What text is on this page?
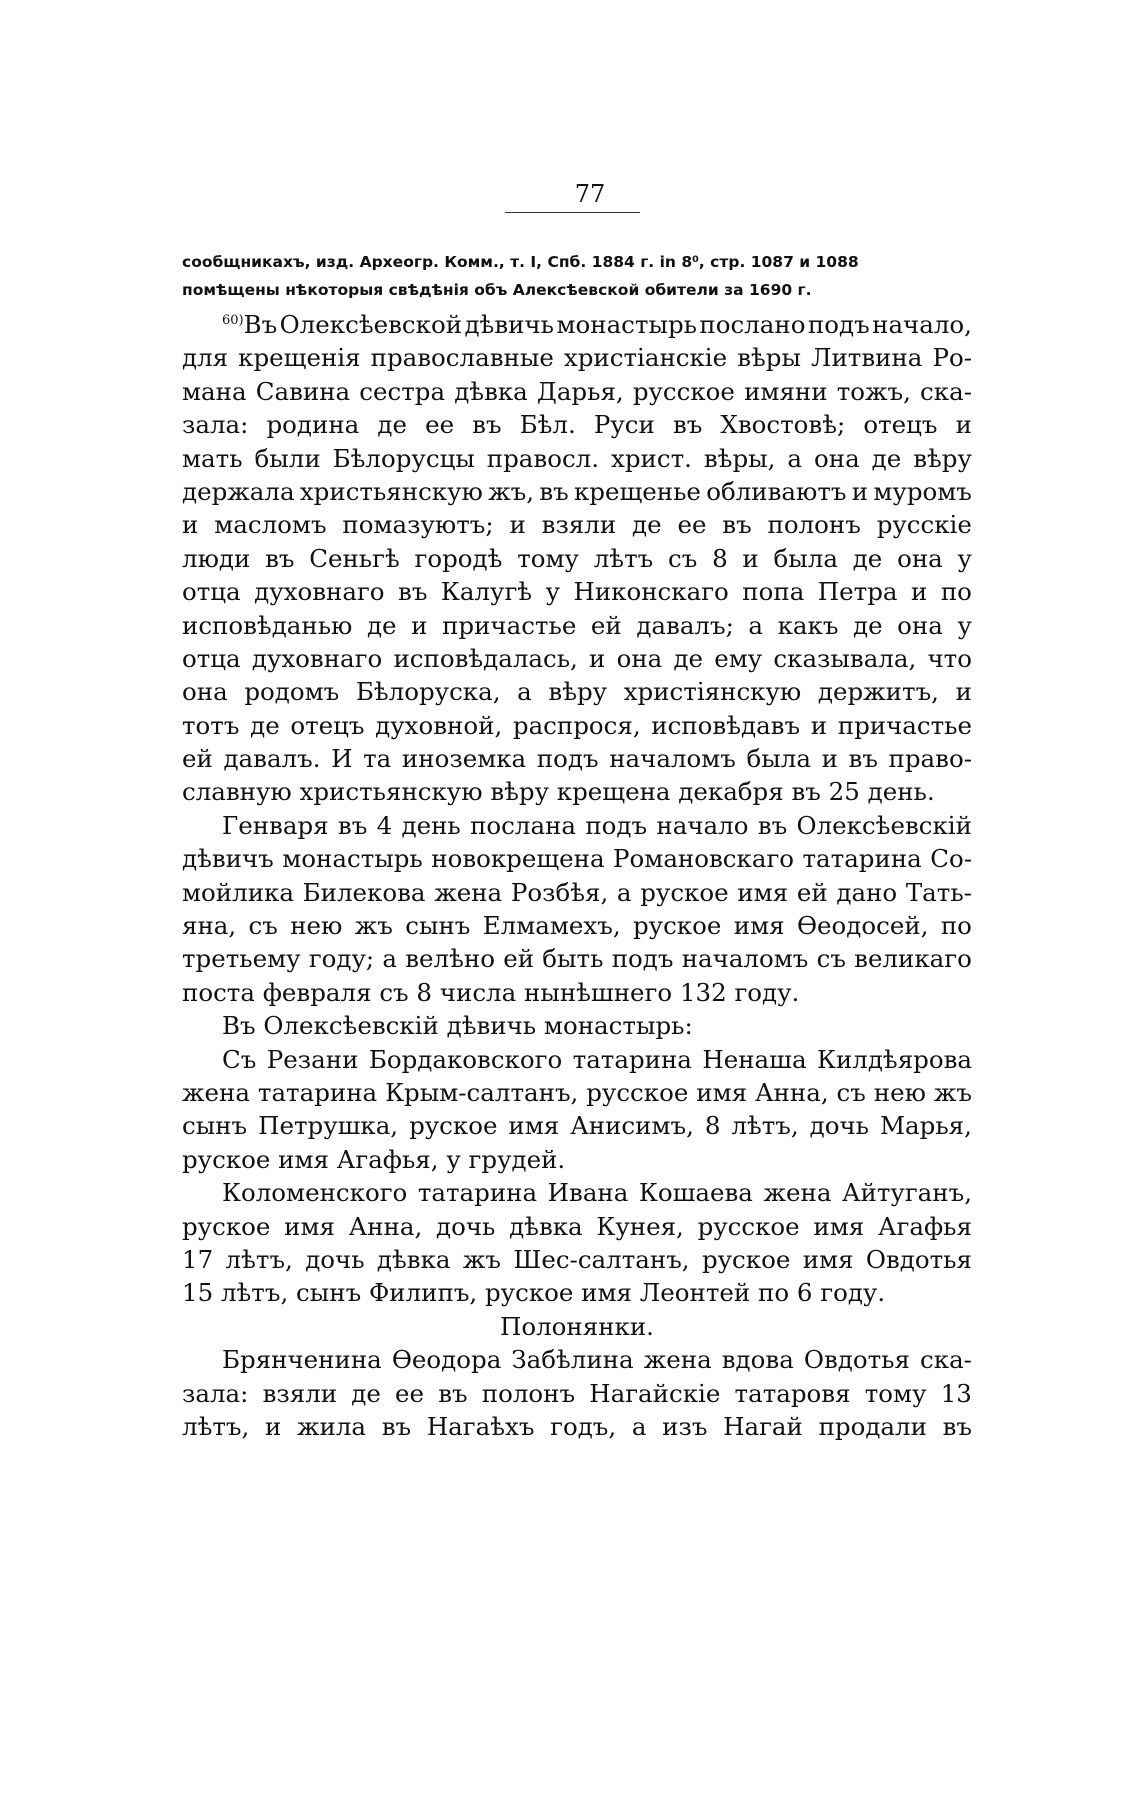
77
сообщникахъ, изд. Археогр. Комм., т. I, Спб. 1884 г. in 8⁰, стр. 1087 и 1088
помѣщены нѣкоторыя свѣдѣнія объ Алексѣевской обители за 1690 г.
$^{60)}$Въ Олексѣевской дѣвичь монастырь послано подъ начало,
для крещенія православные христіанскіе вѣры Литвина Ро-
мана Савина сестра дѣвка Дарья, русское имяни тожъ, ска-
зала: родина де ее въ Бѣл. Руси въ Хвостовѣ; отецъ и
мать были Бѣлорусцы правосл. христ. вѣры, а она де вѣру
держала христьянскую жъ, въ крещенье обливаютъ и муромъ
и масломъ помазуютъ; и взяли де ее въ полонъ русскіе
люди въ Сеньгѣ городѣ тому лѣтъ съ 8 и была де она у
отца духовнаго въ Калугѣ у Никонскаго попа Петра и по
исповѣданью де и причастье ей давалъ; а какъ де она у
отца духовнаго исповѣдалась, и она де ему сказывала, что
она родомъ Бѣлоруска, а вѣру христіянскую держитъ, и
тотъ де отецъ духовной, распрося, исповѣдавъ и причастье
ей давалъ. И та иноземка подъ началомъ была и въ право-
славную христьянскую вѣру крещена декабря въ 25 день.
Генваря въ 4 день послана подъ начало въ Олексѣевскій
дѣвичъ монастырь новокрещена Романовскаго татарина Со-
мойлика Билекова жена Розбѣя, а руское имя ей дано Тать-
яна, съ нею жъ сынъ Елмамехъ, руское имя Ѳеодосей, по
третьему году; а велѣно ей быть подъ началомъ съ великаго
поста февраля съ 8 числа нынѣшнего 132 году.
Въ Олексѣевскій дѣвичь монастырь:
Съ Резани Бордаковского татарина Ненаша Килдѣярова
жена татарина Крым-салтанъ, русское имя Анна, съ нею жъ
сынъ Петрушка, руское имя Анисимъ, 8 лѣтъ, дочь Марья,
руское имя Агафья, у грудей.
Коломенского татарина Ивана Кошаева жена Айтуганъ,
руское имя Анна, дочь дѣвка Кунея, русское имя Агафья
17 лѣтъ, дочь дѣвка жъ Шес-салтанъ, руское имя Овдотья
15 лѣтъ, сынъ Филипъ, руское имя Леонтей по 6 году.
Полонянки.
Брянченина Ѳеодора Забѣлина жена вдова Овдотья ска-
зала: взяли де ее въ полонъ Нагайскіе татаровя тому 13
лѣтъ, и жила въ Нагаѣхъ годъ, а изъ Нагай продали въ
